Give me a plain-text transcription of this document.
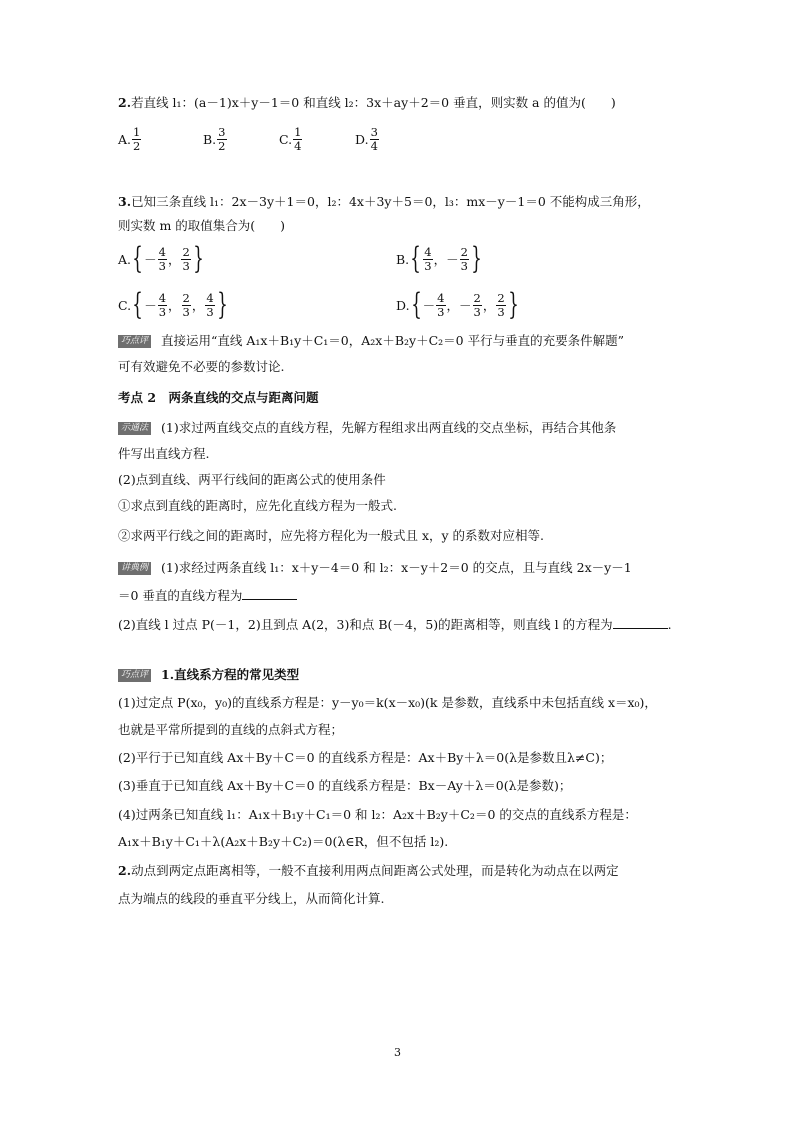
2.若直线 l₁：(a－1)x＋y－1＝0 和直线 l₂：3x＋ay＋2＝0 垂直，则实数 a 的值为(　　)
A. $\frac{1}{2}$	B. $\frac{3}{2}$	C. $\frac{1}{4}$	D. $\frac{3}{4}$
3.已知三条直线 l₁：2x－3y＋1＝0，l₂：4x＋3y＋5＝0，l₃：mx－y－1＝0 不能构成三角形，
则实数 m 的取值集合为(　　)
A. { － $\frac{4}{3}$ ， $\frac{2}{3}$ }	B. { $\frac{4}{3}$ ， － $\frac{2}{3}$ }
C. { － $\frac{4}{3}$ ， $\frac{2}{3}$ ， $\frac{4}{3}$ }	D. { － $\frac{4}{3}$ ， － $\frac{2}{3}$ ， $\frac{2}{3}$ }
巧点评 直接运用“直线 A₁x＋B₁y＋C₁＝0，A₂x＋B₂y＋C₂＝0 平行与垂直的充要条件解题”
可有效避免不必要的参数讨论.
考点 2　两条直线的交点与距离问题
示通法 (1)求过两直线交点的直线方程，先解方程组求出两直线的交点坐标，再结合其他条
件写出直线方程.
(2)点到直线、两平行线间的距离公式的使用条件
①求点到直线的距离时，应先化直线方程为一般式.
②求两平行线之间的距离时，应先将方程化为一般式且 x，y 的系数对应相等.
讲典例 (1)求经过两条直线 l₁：x＋y－4＝0 和 l₂：x－y＋2＝0 的交点，且与直线 2x－y－1
＝0 垂直的直线方程为
(2)直线 l 过点 P(－1，2)且到点 A(2，3)和点 B(－4，5)的距离相等，则直线 l 的方程为	.
巧点评 1.直线系方程的常见类型
(1)过定点 P(x₀，y₀)的直线系方程是：y－y₀＝k(x－x₀)(k 是参数，直线系中未包括直线 x＝x₀)，
也就是平常所提到的直线的点斜式方程；
(2)平行于已知直线 Ax＋By＋C＝0 的直线系方程是：Ax＋By＋λ＝0(λ是参数且λ≠C)；
(3)垂直于已知直线 Ax＋By＋C＝0 的直线系方程是：Bx－Ay＋λ＝0(λ是参数)；
(4)过两条已知直线 l₁：A₁x＋B₁y＋C₁＝0 和 l₂：A₂x＋B₂y＋C₂＝0 的交点的直线系方程是：
A₁x＋B₁y＋C₁＋λ(A₂x＋B₂y＋C₂)＝0(λ∈R，但不包括 l₂).
2.动点到两定点距离相等，一般不直接利用两点间距离公式处理，而是转化为动点在以两定
点为端点的线段的垂直平分线上，从而简化计算.
3
